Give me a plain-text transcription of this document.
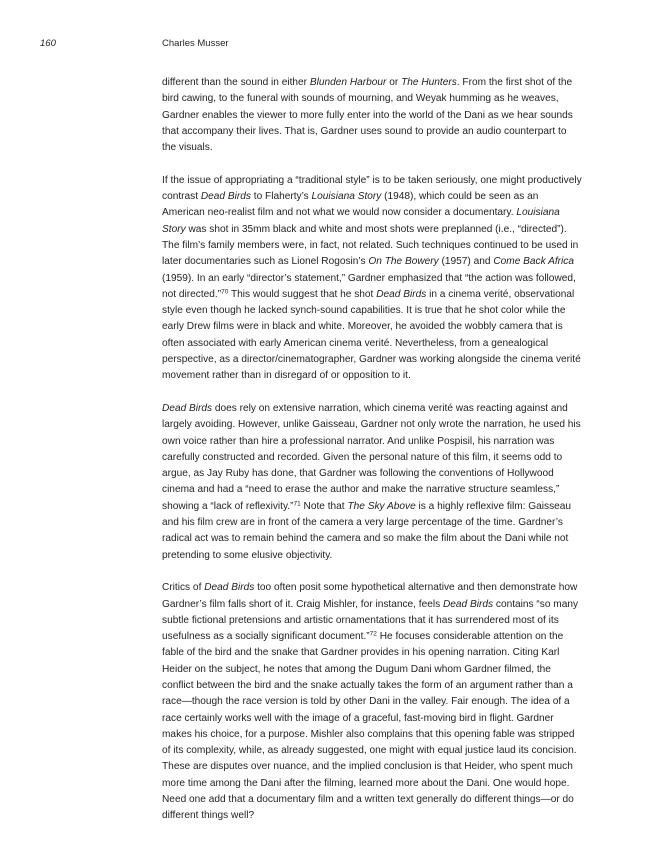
160	Charles Musser

different than the sound in either Blunden Harbour or The Hunters. From the first shot of the bird cawing, to the funeral with sounds of mourning, and Weyak humming as he weaves, Gardner enables the viewer to more fully enter into the world of the Dani as we hear sounds that accompany their lives. That is, Gardner uses sound to provide an audio counterpart to the visuals.

If the issue of appropriating a “traditional style” is to be taken seriously, one might productively contrast Dead Birds to Flaherty’s Louisiana Story (1948), which could be seen as an American neo-realist film and not what we would now consider a documentary. Louisiana Story was shot in 35mm black and white and most shots were preplanned (i.e., “directed”). The film’s family members were, in fact, not related. Such techniques continued to be used in later documentaries such as Lionel Rogosin’s On The Bowery (1957) and Come Back Africa (1959). In an early “director’s statement,” Gardner emphasized that “the action was followed, not directed.”$^{70}$ This would suggest that he shot Dead Birds in a cinema verité, observational style even though he lacked synch-sound capabilities. It is true that he shot color while the early Drew films were in black and white. Moreover, he avoided the wobbly camera that is often associated with early American cinema verité. Nevertheless, from a genealogical perspective, as a director/cinematographer, Gardner was working alongside the cinema verité movement rather than in disregard of or opposition to it.

Dead Birds does rely on extensive narration, which cinema verité was reacting against and largely avoiding. However, unlike Gaisseau, Gardner not only wrote the narration, he used his own voice rather than hire a professional narrator. And unlike Pospisil, his narration was carefully constructed and recorded. Given the personal nature of this film, it seems odd to argue, as Jay Ruby has done, that Gardner was following the conventions of Hollywood cinema and had a “need to erase the author and make the narrative structure seamless,” showing a “lack of reflexivity.”$^{71}$ Note that The Sky Above is a highly reflexive film: Gaisseau and his film crew are in front of the camera a very large percentage of the time. Gardner’s radical act was to remain behind the camera and so make the film about the Dani while not pretending to some elusive objectivity.

Critics of Dead Birds too often posit some hypothetical alternative and then demonstrate how Gardner’s film falls short of it. Craig Mishler, for instance, feels Dead Birds contains “so many subtle fictional pretensions and artistic ornamentations that it has surrendered most of its usefulness as a socially significant document.”$^{72}$ He focuses considerable attention on the fable of the bird and the snake that Gardner provides in his opening narration. Citing Karl Heider on the subject, he notes that among the Dugum Dani whom Gardner filmed, the conflict between the bird and the snake actually takes the form of an argument rather than a race—though the race version is told by other Dani in the valley. Fair enough. The idea of a race certainly works well with the image of a graceful, fast-moving bird in flight. Gardner makes his choice, for a purpose. Mishler also complains that this opening fable was stripped of its complexity, while, as already suggested, one might with equal justice laud its concision. These are disputes over nuance, and the implied conclusion is that Heider, who spent much more time among the Dani after the filming, learned more about the Dani. One would hope. Need one add that a documentary film and a written text generally do different things—or do different things well?
